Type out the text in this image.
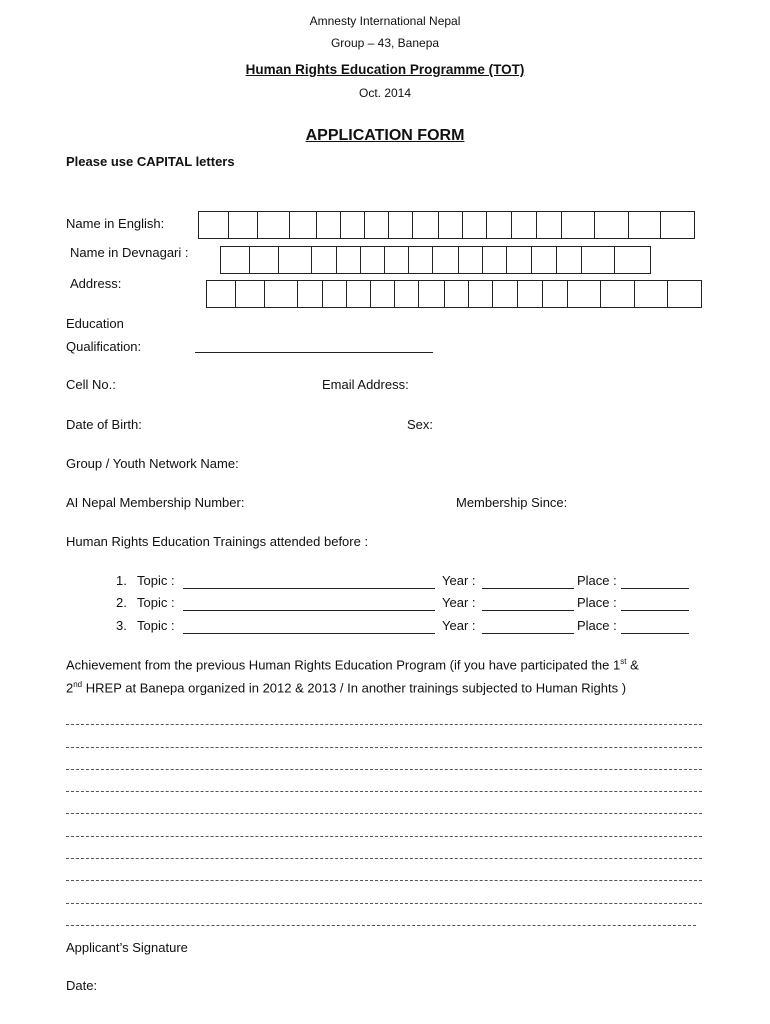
Amnesty International Nepal
Group – 43, Banepa
Human Rights Education Programme (TOT)
Oct. 2014
APPLICATION FORM
Please use CAPITAL letters
Name in English:
Name in Devnagari :
Address:
Education
Qualification:
Cell No.:	Email Address:
Date of Birth:	Sex:
Group / Youth Network Name:
AI Nepal Membership Number:	Membership Since:
Human Rights Education Trainings attended before :
1. Topic :	Year :	Place :
2. Topic :	Year :	Place :
3. Topic :	Year :	Place :
Achievement from the previous Human Rights Education Program (if you have participated the 1st &
2nd HREP at Banepa organized in 2012 & 2013 / In another trainings subjected to Human Rights )
Applicant’s Signature
Date:
